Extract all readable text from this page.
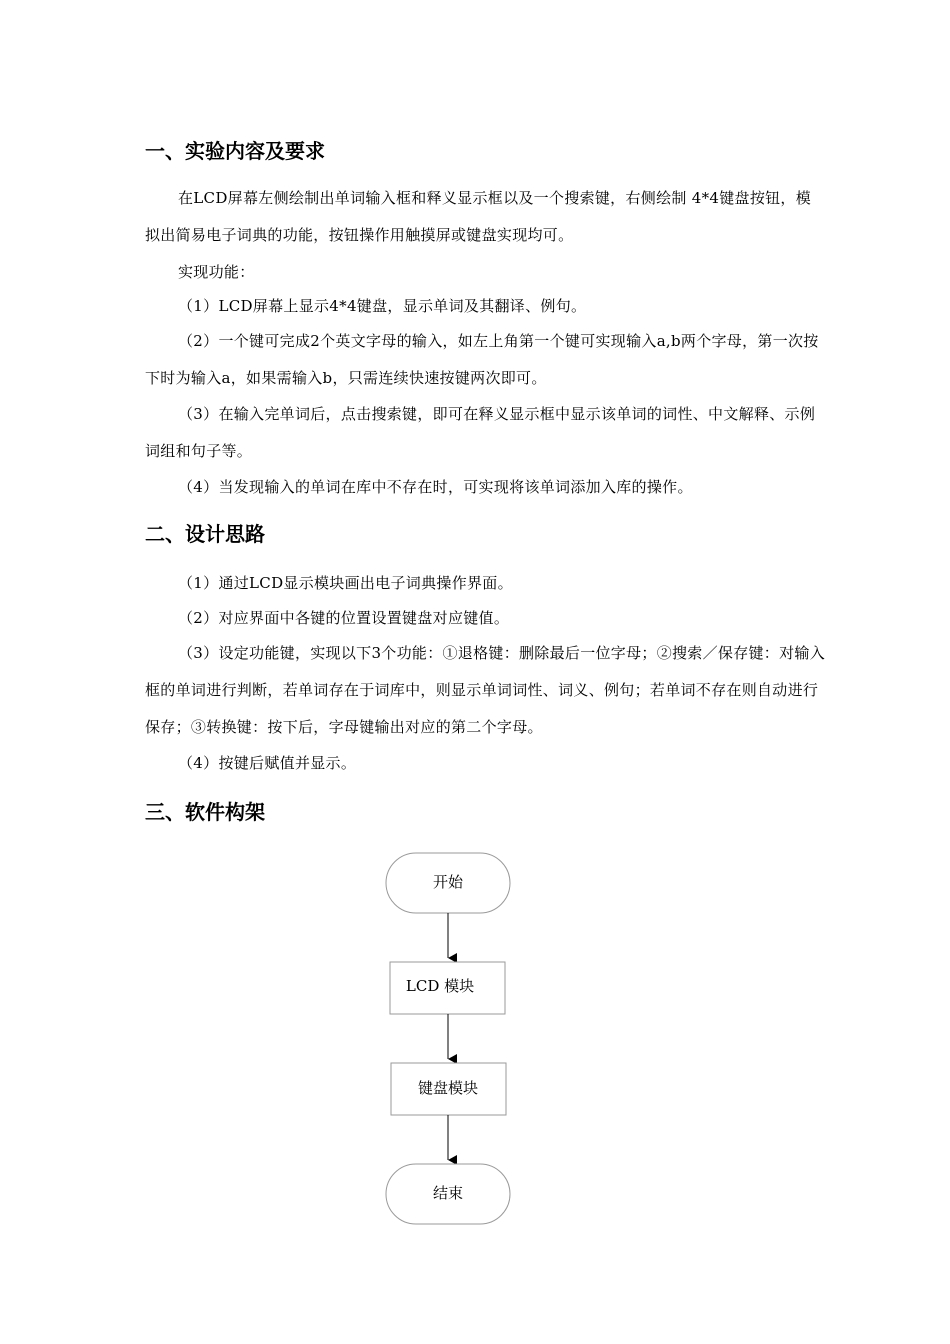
一、实验内容及要求

在LCD屏幕左侧绘制出单词输入框和释义显示框以及一个搜索键，右侧绘制 4*4键盘按钮，模拟出简易电子词典的功能，按钮操作用触摸屏或键盘实现均可。

实现功能：

（1）LCD屏幕上显示4*4键盘，显示单词及其翻译、例句。

（2）一个键可完成2个英文字母的输入，如左上角第一个键可实现输入a,b两个字母，第一次按下时为输入a，如果需输入b，只需连续快速按键两次即可。

（3）在输入完单词后，点击搜索键，即可在释义显示框中显示该单词的词性、中文解释、示例词组和句子等。

（4）当发现输入的单词在库中不存在时，可实现将该单词添加入库的操作。

二、设计思路

（1）通过LCD显示模块画出电子词典操作界面。

（2）对应界面中各键的位置设置键盘对应键值。

（3）设定功能键，实现以下3个功能：①退格键：删除最后一位字母；②搜索／保存键：对输入框的单词进行判断，若单词存在于词库中，则显示单词词性、词义、例句；若单词不存在则自动进行保存；③转换键：按下后，字母键输出对应的第二个字母。

（4）按键后赋值并显示。

三、软件构架
开始
LCD 模块
键盘模块
结束
